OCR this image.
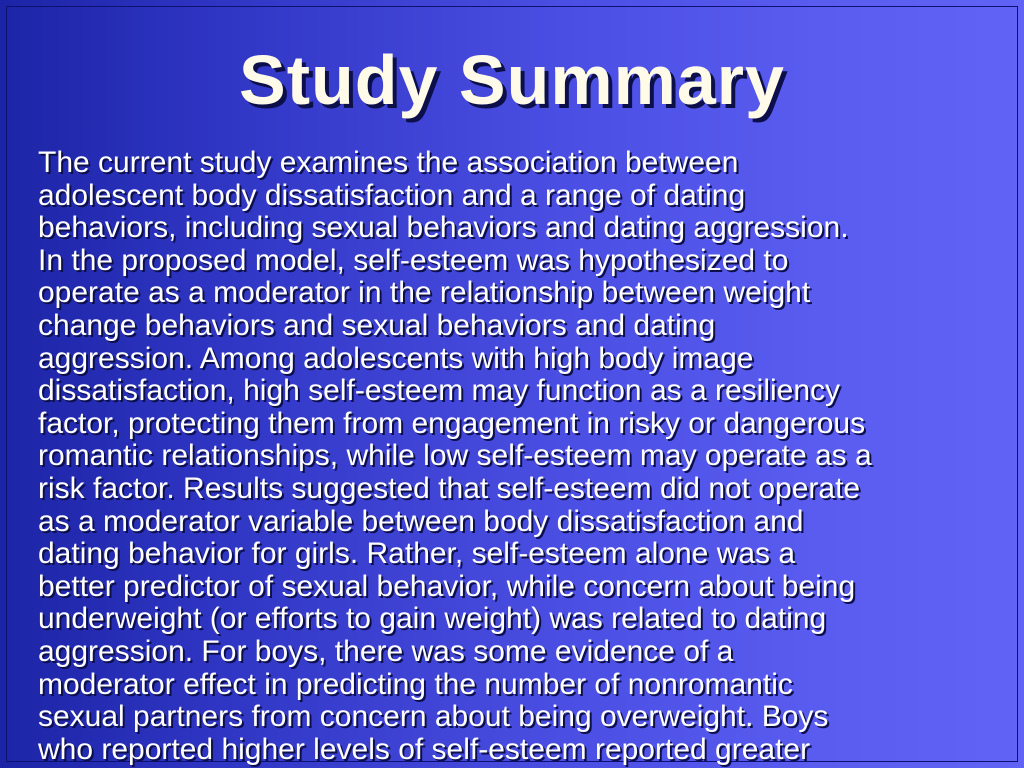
Study Summary

The current study examines the association between
adolescent body dissatisfaction and a range of dating
behaviors, including sexual behaviors and dating aggression.
In the proposed model, self-esteem was hypothesized to
operate as a moderator in the relationship between weight
change behaviors and sexual behaviors and dating
aggression. Among adolescents with high body image
dissatisfaction, high self-esteem may function as a resiliency
factor, protecting them from engagement in risky or dangerous
romantic relationships, while low self-esteem may operate as a
risk factor. Results suggested that self-esteem did not operate
as a moderator variable between body dissatisfaction and
dating behavior for girls. Rather, self-esteem alone was a
better predictor of sexual behavior, while concern about being
underweight (or efforts to gain weight) was related to dating
aggression. For boys, there was some evidence of a
moderator effect in predicting the number of nonromantic
sexual partners from concern about being overweight. Boys
who reported higher levels of self-esteem reported greater
